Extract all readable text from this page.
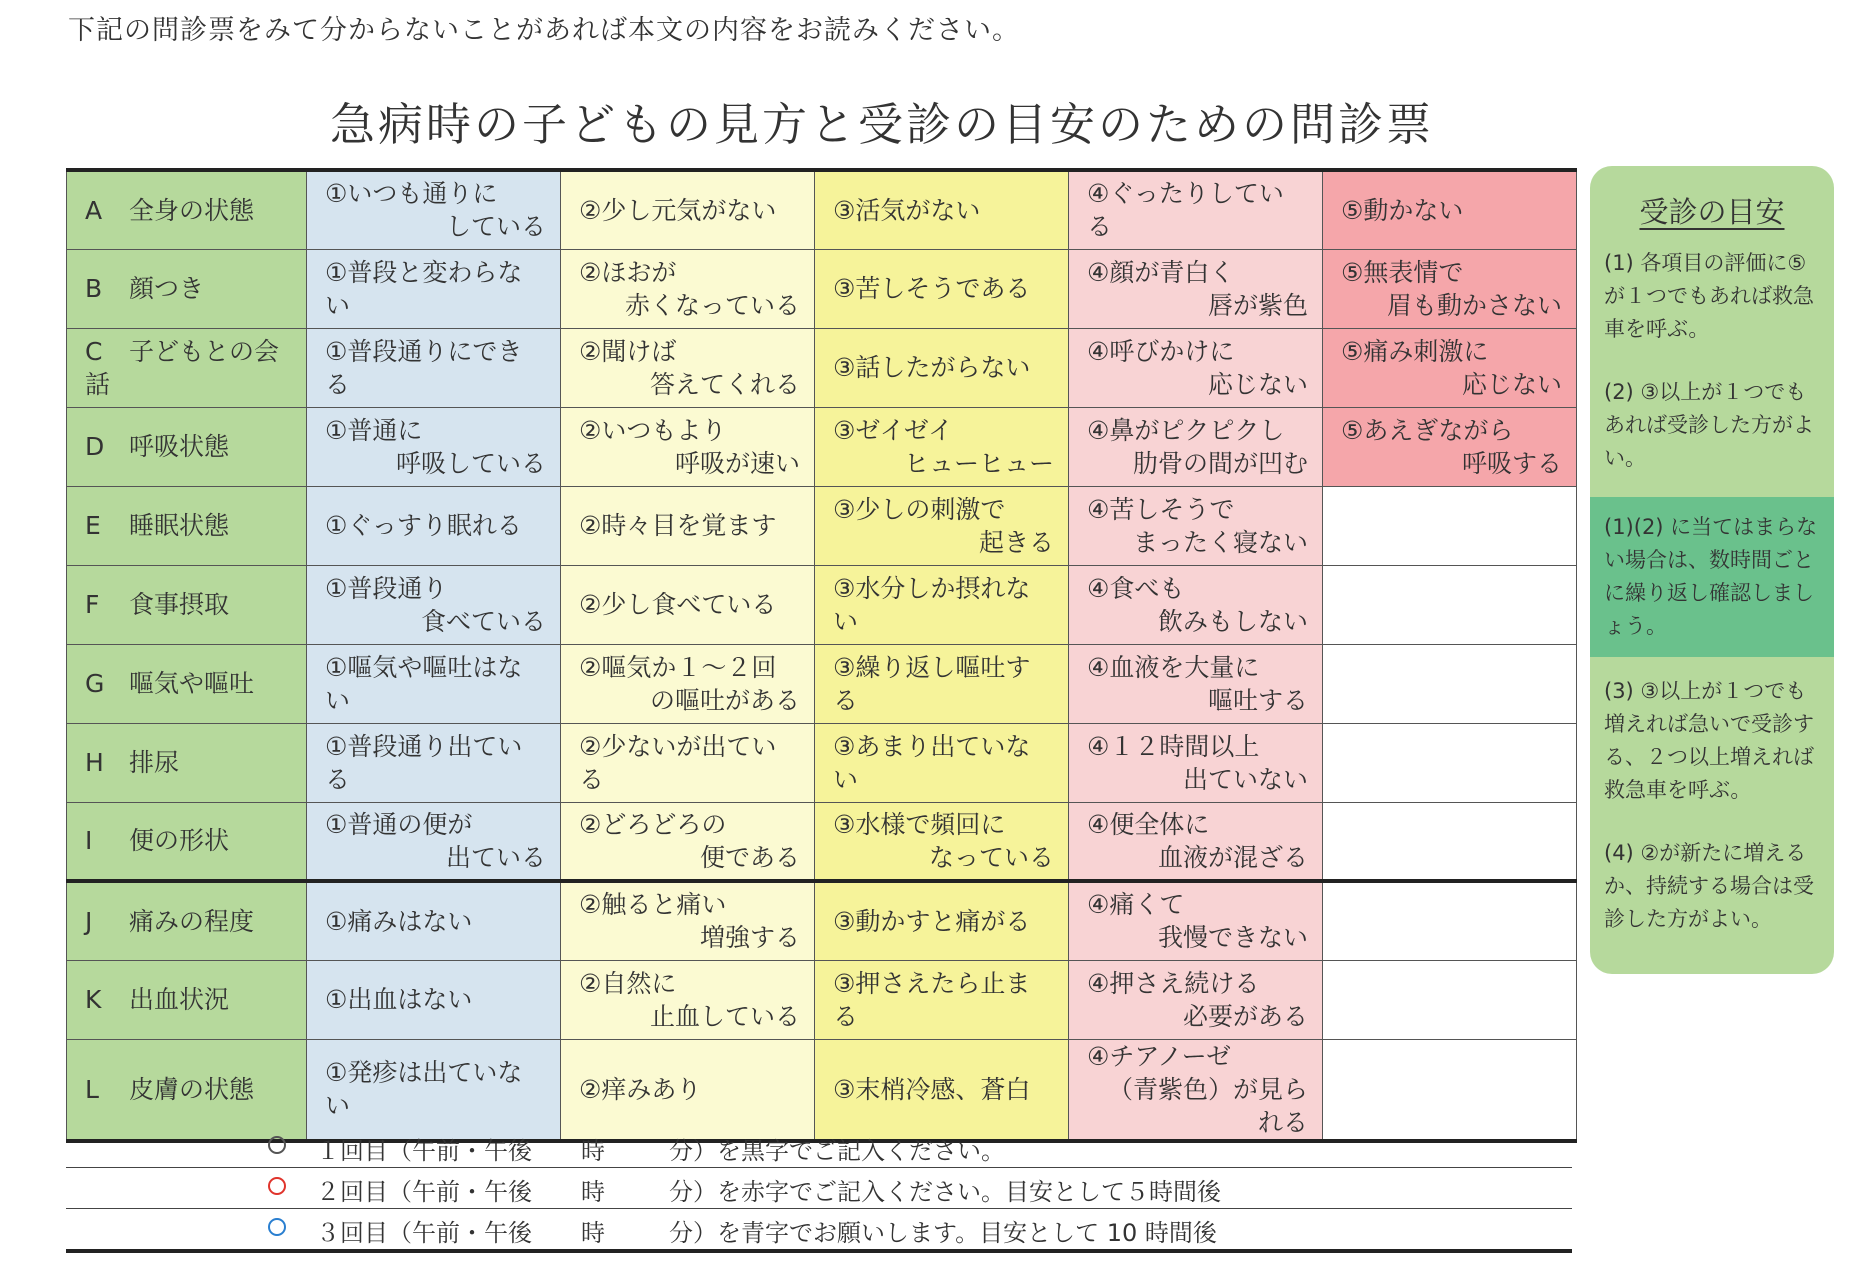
下記の問診票をみて分からないことがあれば本文の内容をお読みください。
急病時の子どもの見方と受診の目安のための問診票
A 全身の状態	①いつも通りに
している	②少し元気がない	③活気がない	④ぐったりしている	⑤動かない

B 顔つき	①普段と変わらない	②ほおが
赤くなっている	③苦しそうである	④顔が青白く
唇が紫色	⑤無表情で
眉も動かさない

C 子どもとの会話	①普段通りにできる	②聞けば
答えてくれる	③話したがらない	④呼びかけに
応じない	⑤痛み刺激に
応じない

D 呼吸状態	①普通に
呼吸している	②いつもより
呼吸が速い	③ゼイゼイ
ヒューヒュー	④鼻がピクピクし
肋骨の間が凹む	⑤あえぎながら
呼吸する

E 睡眠状態	①ぐっすり眠れる	②時々目を覚ます	③少しの刺激で
起きる	④苦しそうで
まったく寝ない	

F 食事摂取	①普段通り
食べている	②少し食べている	③水分しか摂れない	④食べも
飲みもしない	

G 嘔気や嘔吐	①嘔気や嘔吐はない	②嘔気か１～２回
の嘔吐がある	③繰り返し嘔吐する	④血液を大量に
嘔吐する	

H 排尿	①普段通り出ている	②少ないが出ている	③あまり出ていない	④１２時間以上
出ていない	

I 便の形状	①普通の便が
出ている	②どろどろの
便である	③水様で頻回に
なっている	④便全体に
血液が混ざる	

J 痛みの程度	①痛みはない	②触ると痛い
増強する	③動かすと痛がる	④痛くて
我慢できない	

K 出血状況	①出血はない	②自然に
止血している	③押さえたら止まる	④押さえ続ける
必要がある	

L 皮膚の状態	①発疹は出ていない	②痒みあり	③末梢冷感、蒼白	④チアノーゼ
（青紫色）が見られる	

受診の目安
(1) 各項目の評価に⑤が１つでもあれば救急車を呼ぶ。
(2) ③以上が１つでもあれば受診した方がよい。
(1)(2) に当てはまらない場合は、数時間ごとに繰り返し確認しましょう。
(3) ③以上が１つでも増えれば急いで受診する、２つ以上増えれば救急車を呼ぶ。
(4) ②が新たに増えるか、持続する場合は受診した方がよい。
１回目（午前・午後 時	分）を黒字でご記入ください。
２回目（午前・午後 時	分）を赤字でご記入ください。目安として５時間後
３回目（午前・午後 時	分）を青字でお願いします。目安として 10 時間後
